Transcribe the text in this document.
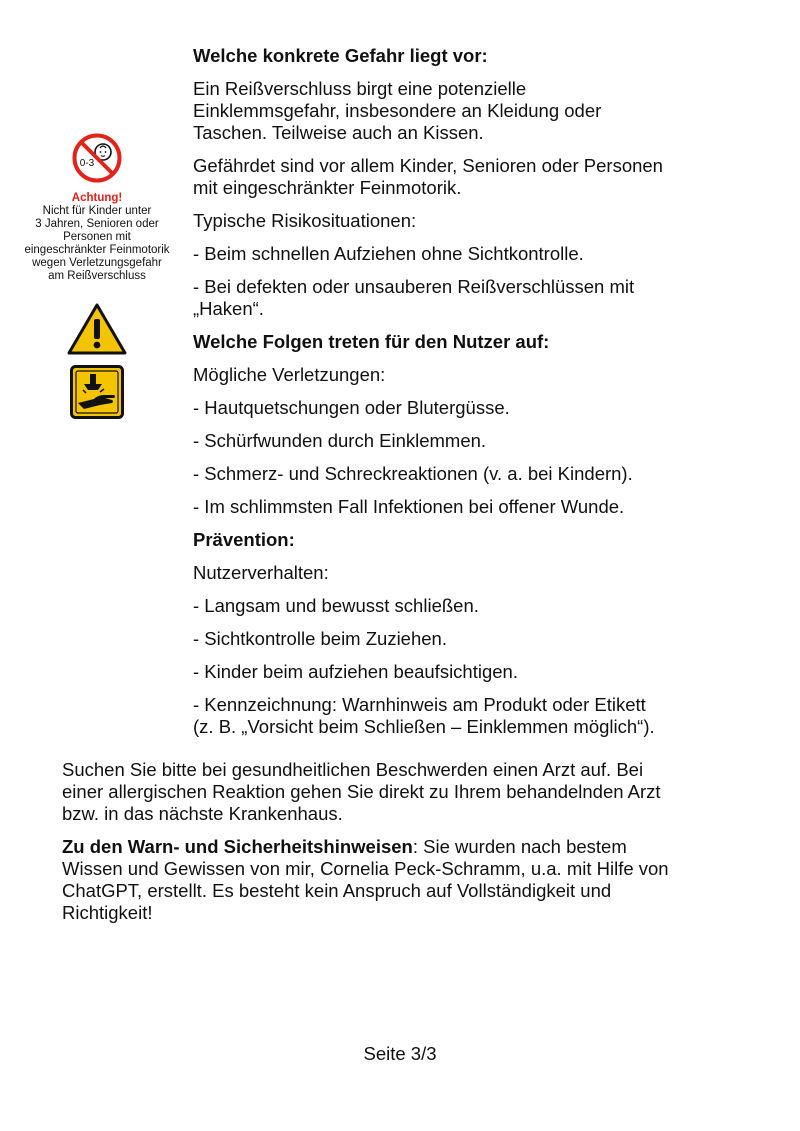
0-3
Achtung!
Nicht für Kinder unter
3 Jahren, Senioren oder
Personen mit
eingeschränkter Feinmotorik
wegen Verletzungsgefahr
am Reißverschluss
Welche konkrete Gefahr liegt vor:
Ein Reißverschluss birgt eine potenzielle
Einklemmsgefahr, insbesondere an Kleidung oder
Taschen. Teilweise auch an Kissen.
Gefährdet sind vor allem Kinder, Senioren oder Personen
mit eingeschränkter Feinmotorik.
Typische Risikosituationen:
- Beim schnellen Aufziehen ohne Sichtkontrolle.
- Bei defekten oder unsauberen Reißverschlüssen mit
„Haken“.
Welche Folgen treten für den Nutzer auf:
Mögliche Verletzungen:
- Hautquetschungen oder Blutergüsse.
- Schürfwunden durch Einklemmen.
- Schmerz- und Schreckreaktionen (v. a. bei Kindern).
- Im schlimmsten Fall Infektionen bei offener Wunde.
Prävention:
Nutzerverhalten:
- Langsam und bewusst schließen.
- Sichtkontrolle beim Zuziehen.
- Kinder beim aufziehen beaufsichtigen.
- Kennzeichnung: Warnhinweis am Produkt oder Etikett
(z. B. „Vorsicht beim Schließen – Einklemmen möglich“).
Suchen Sie bitte bei gesundheitlichen Beschwerden einen Arzt auf. Bei
einer allergischen Reaktion gehen Sie direkt zu Ihrem behandelnden Arzt
bzw. in das nächste Krankenhaus.
Zu den Warn- und Sicherheitshinweisen: Sie wurden nach bestem
Wissen und Gewissen von mir, Cornelia Peck-Schramm, u.a. mit Hilfe von
ChatGPT, erstellt. Es besteht kein Anspruch auf Vollständigkeit und
Richtigkeit!
Seite 3/3
